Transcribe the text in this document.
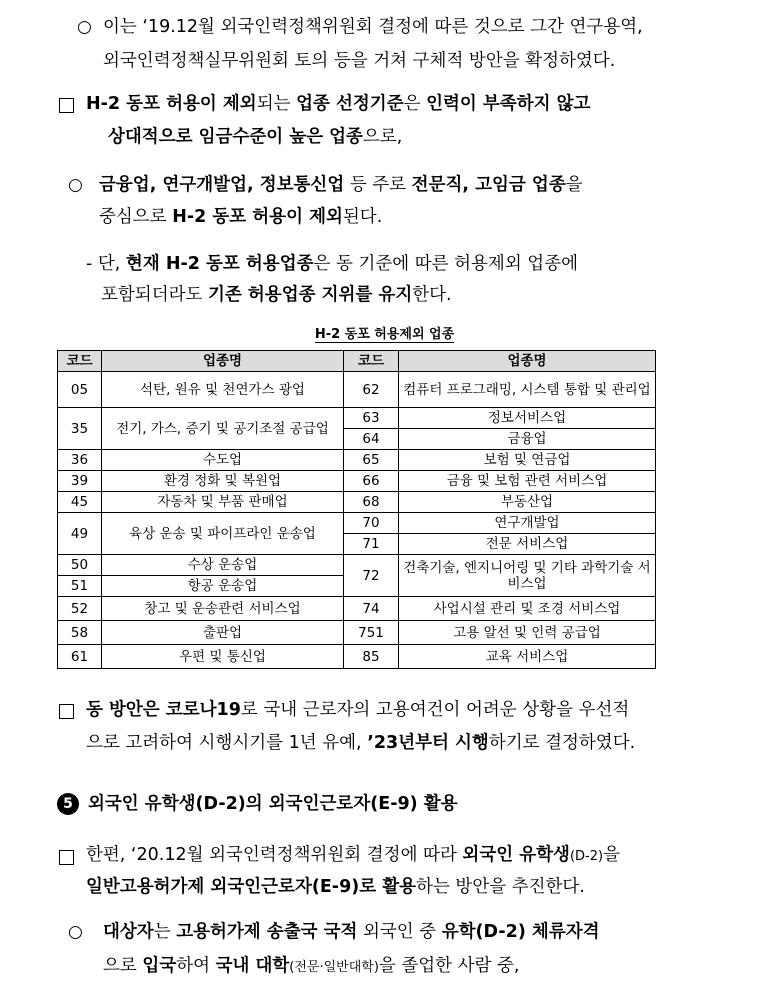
○ 이는 ‘19.12월 외국인력정책위원회 결정에 따른 것으로 그간 연구용역,
외국인력정책실무위원회 토의 등을 거쳐 구체적 방안을 확정하였다.
H-2 동포 허용이 제외되는 업종 선정기준은 인력이 부족하지 않고
상대적으로 임금수준이 높은 업종으로,
○ 금융업, 연구개발업, 정보통신업 등 주로 전문직, 고임금 업종을
중심으로 H-2 동포 허용이 제외된다.
- 단, 현재 H-2 동포 허용업종은 동 기준에 따른 허용제외 업종에
포함되더라도 기존 허용업종 지위를 유지한다.
H-2 동포 허용제외 업종
코드	업종명	코드	업종명
05	석탄, 원유 및 천연가스 광업	62	컴퓨터 프로그래밍, 시스템 통합 및 관리업
35	전기, 가스, 증기 및 공기조절 공급업	63	정보서비스업
		64	금융업
36	수도업	65	보험 및 연금업
39	환경 정화 및 복원업	66	금융 및 보험 관련 서비스업
45	자동차 및 부품 판매업	68	부동산업
49	육상 운송 및 파이프라인 운송업	70	연구개발업
		71	전문 서비스업
50	수상 운송업	72	건축기술, 엔지니어링 및 기타 과학기술 서비스업
51	항공 운송업		
52	창고 및 운송관련 서비스업	74	사업시설 관리 및 조경 서비스업
58	출판업	751	고용 알선 및 인력 공급업
61	우편 및 통신업	85	교육 서비스업
동 방안은 코로나19로 국내 근로자의 고용여건이 어려운 상황을 우선적
으로 고려하여 시행시기를 1년 유예, ’23년부터 시행하기로 결정하였다.
5 외국인 유학생(D-2)의 외국인근로자(E-9) 활용
한편, ‘20.12월 외국인력정책위원회 결정에 따라 외국인 유학생(D-2)을
일반고용허가제 외국인근로자(E-9)로 활용하는 방안을 추진한다.
○ 대상자는 고용허가제 송출국 국적 외국인 중 유학(D-2) 체류자격
으로 입국하여 국내 대학(전문·일반대학)을 졸업한 사람 중,
